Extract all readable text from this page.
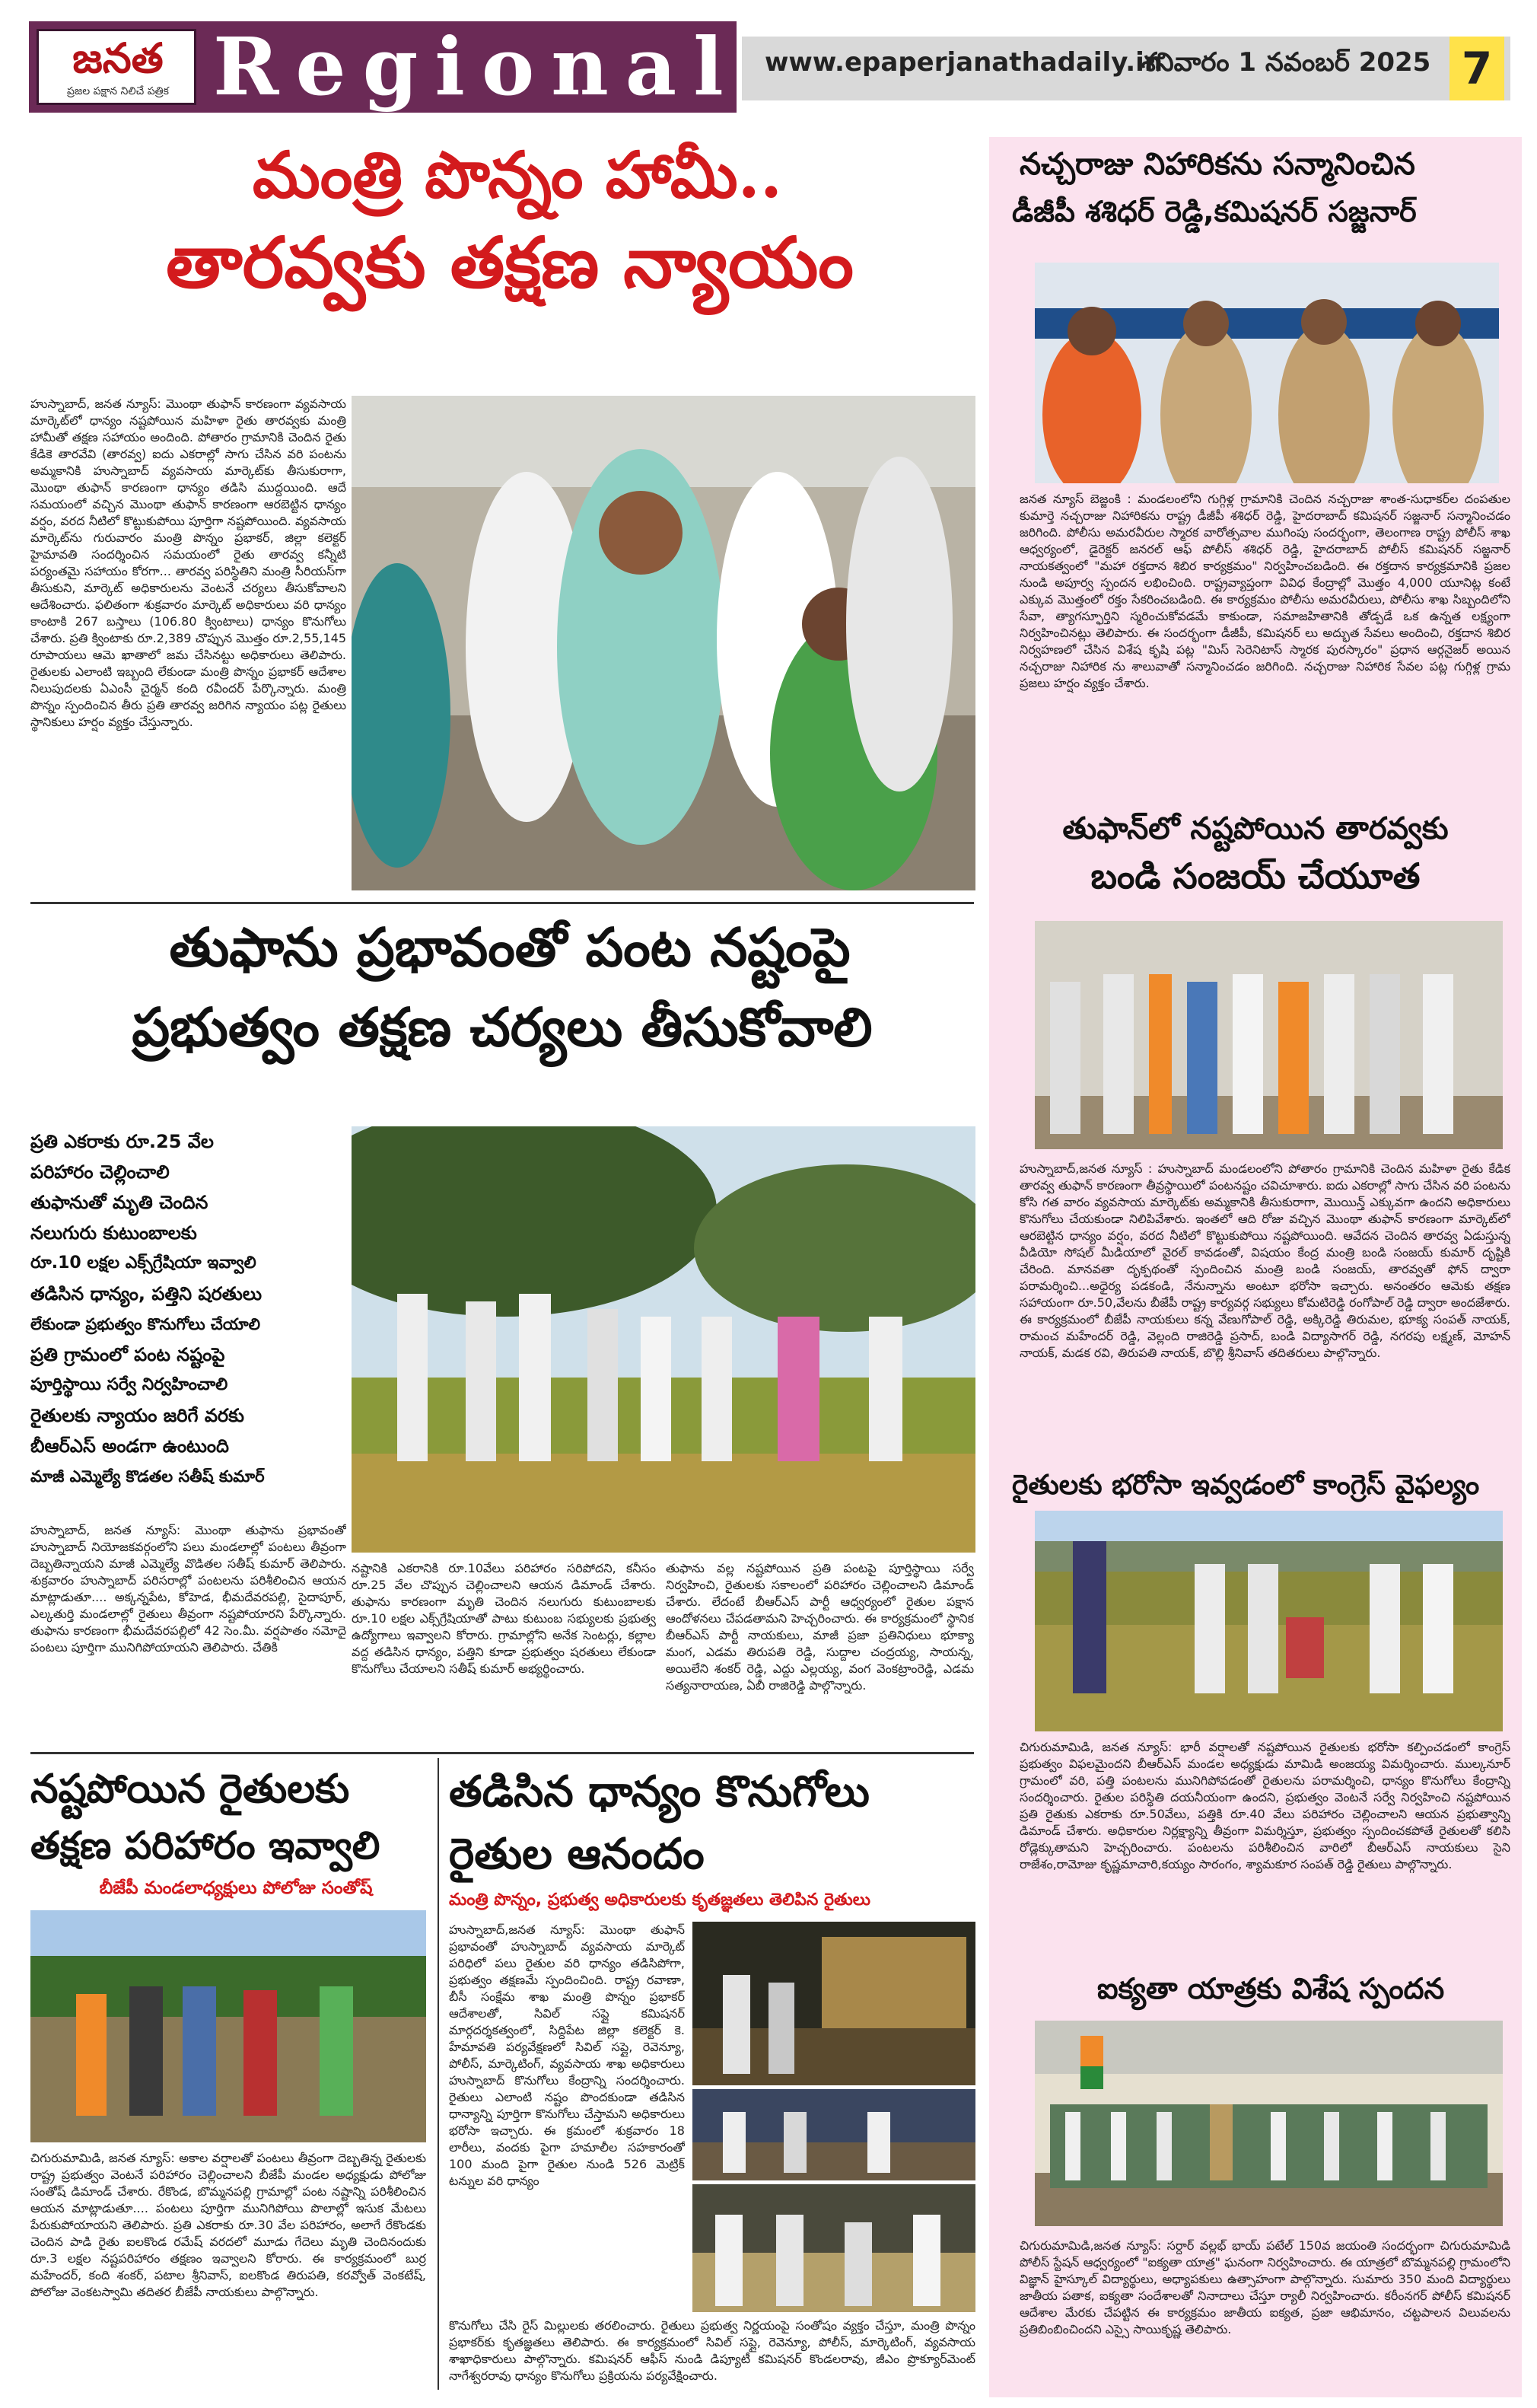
జనత
ప్రజల పక్షాన నిలిచే పత్రిక Regional www.epaperjanathadaily.in
శనివారం 1 నవంబర్ 2025 7
మంత్రి పొన్నం హామీ..
తారవ్వకు తక్షణ న్యాయం
హుస్నాబాద్, జనత న్యూస్: మొంథా తుఫాన్ కారణంగా వ్యవసాయ మార్కెట్‌లో ధాన్యం నష్టపోయిన మహిళా రైతు తారవ్వకు మంత్రి హామీతో తక్షణ సహాయం అందింది. పోతారం గ్రామానికి చెందిన రైతు కేడికె తారవేవి (తారవ్వ) ఐదు ఎకరాల్లో సాగు చేసిన వరి పంటను అమ్మకానికి హుస్నాబాద్ వ్యవసాయ మార్కెట్‌కు తీసుకురాగా, మొంథా తుఫాన్ కారణంగా ధాన్యం తడిసి ముద్దయింది. ఆదే సమయంలో వచ్చిన మొంథా తుఫాన్ కారణంగా ఆరబెట్టిన ధాన్యం వర్షం, వరద నీటిలో కొట్టుకుపోయి పూర్తిగా నష్టపోయింది. వ్యవసాయ మార్కెట్‌ను గురువారం మంత్రి పొన్నం ప్రభాకర్, జిల్లా కలెక్టర్ హైమావతి సందర్శించిన సమయంలో రైతు తారవ్వ కన్నీటి పర్యంతమై సహాయం కోరగా... తారవ్వ పరిస్థితిని మంత్రి సీరియస్‌గా తీసుకుని, మార్కెట్ అధికారులను వెంటనే చర్యలు తీసుకోవాలని ఆదేశించారు. ఫలితంగా శుక్రవారం మార్కెట్ అధికారులు వరి ధాన్యం కాంటాకి 267 బస్తాలు (106.80 క్వింటాలు) ధాన్యం కొనుగోలు చేశారు. ప్రతి క్వింటాకు రూ.2,389 చొప్పున మొత్తం రూ.2,55,145 రూపాయలు ఆమె ఖాతాలో జమ చేసినట్టు అధికారులు తెలిపారు. రైతులకు ఎలాంటి ఇబ్బంది లేకుండా మంత్రి పొన్నం ప్రభాకర్ ఆదేశాల నిలుపుదలకు ఏఎంసీ చైర్మన్ కంది రవీందర్ పేర్కొన్నారు. మంత్రి పొన్నం స్పందించిన తీరు ప్రతి తారవ్వ జరిగిన న్యాయం పట్ల రైతులు స్థానికులు హర్షం వ్యక్తం చేస్తున్నారు.
తుఫాను ప్రభావంతో పంట నష్టంపై
ప్రభుత్వం తక్షణ చర్యలు తీసుకోవాలి
ప్రతి ఎకరాకు రూ.25 వేల
పరిహారం చెల్లించాలి
తుఫానుతో మృతి చెందిన
నలుగురు కుటుంబాలకు
రూ.10 లక్షల ఎక్స్‌గ్రేషియా ఇవ్వాలి
తడిసిన ధాన్యం, పత్తిని షరతులు
లేకుండా ప్రభుత్వం కొనుగోలు చేయాలి
ప్రతి గ్రామంలో పంట నష్టంపై
పూర్తిస్థాయి సర్వే నిర్వహించాలి
రైతులకు న్యాయం జరిగే వరకు
బీఆర్ఎస్ అండగా ఉంటుంది
మాజీ ఎమ్మెల్యే కొడతల సతీష్ కుమార్
హుస్నాబాద్, జనత న్యూస్: మొంథా తుఫాను ప్రభావంతో హుస్నాబాద్ నియోజకవర్గంలోని పలు మండలాల్లో పంటలు తీవ్రంగా దెబ్బతిన్నాయని మాజీ ఎమ్మెల్యే వొడితల సతీష్ కుమార్ తెలిపారు. శుక్రవారం హుస్నాబాద్ పరిసరాల్లో పంటలను పరిశీలించిన ఆయన మాట్లాడుతూ.... అక్కన్నపేట, కోహెడ, భీమదేవరపల్లి, సైదాపూర్, ఎల్కతుర్తి మండలాల్లో రైతులు తీవ్రంగా నష్టపోయారని పేర్కొన్నారు. తుఫాను కారణంగా భీమదేవరపల్లిలో 42 సెం.మీ. వర్షపాతం నమోదై పంటలు పూర్తిగా మునిగిపోయాయని తెలిపారు. చేతికి
నష్టానికి ఎకరానికి రూ.10వేలు పరిహారం సరిపోదని, కనీసం రూ.25 వేల చొప్పున చెల్లించాలని ఆయన డిమాండ్ చేశారు. తుఫాను కారణంగా మృతి చెందిన నలుగురు కుటుంబాలకు రూ.10 లక్షల ఎక్స్‌గ్రేషియాతో పాటు కుటుంబ సభ్యులకు ప్రభుత్వ ఉద్యోగాలు ఇవ్వాలని కోరారు. గ్రామాల్లోని అనేక సెంటర్లు, కల్లాల వద్ద తడిసిన ధాన్యం, పత్తిని కూడా ప్రభుత్వం షరతులు లేకుండా కొనుగోలు చేయాలని సతీష్ కుమార్ అభ్యర్థించారు.
తుఫాను వల్ల నష్టపోయిన ప్రతి పంటపై పూర్తిస్థాయి సర్వే నిర్వహించి, రైతులకు సకాలంలో పరిహారం చెల్లించాలని డిమాండ్ చేశారు. లేదంటే బీఆర్ఎస్ పార్టీ ఆధ్వర్యంలో రైతుల పక్షాన ఆందోళనలు చేపడతామని హెచ్చరించారు. ఈ కార్యక్రమంలో స్థానిక బీఆర్ఎస్ పార్టీ నాయకులు, మాజీ ప్రజా ప్రతినిధులు భూక్యా మంగ, ఎడమ తిరుపతి రెడ్డి, సుద్దాల చంద్రయ్య, సాయన్న, అయిలేని శంకర్ రెడ్డి, ఎద్దు ఎల్లయ్య, వంగ వెంకట్రాంరెడ్డి, ఎడమ సత్యనారాయణ, ఏబీ రాజిరెడ్డి పాల్గొన్నారు.
నష్టపోయిన రైతులకు
తక్షణ పరిహారం ఇవ్వాలి
బీజేపీ మండలాధ్యక్షులు పోలోజు సంతోష్
చిగురుమామిడి, జనత న్యూస్: అకాల వర్షాలతో పంటలు తీవ్రంగా దెబ్బతిన్న రైతులకు రాష్ట్ర ప్రభుత్వం వెంటనే పరిహారం చెల్లించాలని బీజేపీ మండల అధ్యక్షుడు పోలోజు సంతోష్ డిమాండ్ చేశారు. రేకొండ, బొమ్మనపల్లి గ్రామాల్లో పంట నష్టాన్ని పరిశీలించిన ఆయన మాట్లాడుతూ.... పంటలు పూర్తిగా మునిగిపోయి పొలాల్లో ఇసుక మేటలు పేరుకుపోయాయని తెలిపారు. ప్రతి ఎకరాకు రూ.30 వేల పరిహారం, అలాగే రేకొండకు చెందిన పాడి రైతు ఐలకొండ రమేష్ వరదలో మూడు గేదెలు మృతి చెందినందుకు రూ.3 లక్షల నష్టపరిహారం తక్షణం ఇవ్వాలని కోరారు. ఈ కార్యక్రమంలో బుర్ర మహేందర్, కంది శంకర్, పటాల శ్రీనివాస్, ఐలకొండ తిరుపతి, కరవ్వోత్ వెంకటేష్, పోలోజు వెంకటస్వామి తదితర బీజేపీ నాయకులు పాల్గొన్నారు.
తడిసిన ధాన్యం కొనుగోలు
రైతుల ఆనందం
మంత్రి పొన్నం, ప్రభుత్వ అధికారులకు కృతజ్ఞతలు తెలిపిన రైతులు
హుస్నాబాద్,జనత న్యూస్: మొంథా తుఫాన్ ప్రభావంతో హుస్నాబాద్ వ్యవసాయ మార్కెట్ పరిధిలో పలు రైతుల వరి ధాన్యం తడిసిపోగా, ప్రభుత్వం తక్షణమే స్పందించింది. రాష్ట్ర రవాణా, బీసీ సంక్షేమ శాఖ మంత్రి పొన్నం ప్రభాకర్ ఆదేశాలతో, సివిల్ సప్లై కమిషనర్ మార్గదర్శకత్వంలో, సిద్దిపేట జిల్లా కలెక్టర్ కె. హేమావతి పర్యవేక్షణలో సివిల్ సప్లై, రెవెన్యూ, పోలీస్, మార్కెటింగ్, వ్యవసాయ శాఖ అధికారులు హుస్నాబాద్ కొనుగోలు కేంద్రాన్ని సందర్శించారు. రైతులు ఎలాంటి నష్టం పొందకుండా తడిసిన ధాన్యాన్ని పూర్తిగా కొనుగోలు చేస్తామని అధికారులు భరోసా ఇచ్చారు. ఈ క్రమంలో శుక్రవారం 18 లారీలు, వందకు పైగా హమాలీల సహకారంతో 100 మంది పైగా రైతుల నుండి 526 మెట్రిక్ టన్నుల వరి ధాన్యం
కొనుగోలు చేసి రైస్ మిల్లులకు తరలించారు. రైతులు ప్రభుత్వ నిర్ణయంపై సంతోషం వ్యక్తం చేస్తూ, మంత్రి పొన్నం ప్రభాకర్‌కు కృతజ్ఞతలు తెలిపారు. ఈ కార్యక్రమంలో సివిల్ సప్లై, రెవెన్యూ, పోలీస్, మార్కెటింగ్, వ్యవసాయ శాఖాధికారులు పాల్గొన్నారు. కమిషనర్ ఆఫీస్ నుండి డిప్యూటీ కమిషనర్ కొండలరావు, జీఎం ప్రొక్యూర్‌మెంట్ నాగేశ్వరరావు ధాన్యం కొనుగోలు ప్రక్రియను పర్యవేక్షించారు.
నచ్చరాజు నిహారికను సన్మానించిన
డీజీపీ శశిధర్ రెడ్డి,కమిషనర్ సజ్జనార్
జనత న్యూస్ బెజ్జంకి : మండలంలోని గుగ్గిళ్ల గ్రామానికి చెందిన నచ్చరాజు శాంత-సుధాకర్‌ల దంపతుల కుమార్తె నచ్చరాజు నిహారికను రాష్ట్ర డీజీపీ శశిధర్ రెడ్డి, హైదరాబాద్ కమిషనర్ సజ్జనార్ సన్మానించడం జరిగింది. పోలీసు అమరవీరుల స్మారక వారోత్సవాల ముగింపు సందర్భంగా, తెలంగాణ రాష్ట్ర పోలీస్ శాఖ ఆధ్వర్యంలో, డైరెక్టర్ జనరల్ ఆఫ్ పోలీస్ శశిధర్ రెడ్డి, హైదరాబాద్ పోలీస్ కమిషనర్ సజ్జనార్ నాయకత్వంలో "మహా రక్తదాన శిబిర కార్యక్రమం" నిర్వహించబడింది. ఈ రక్తదాన కార్యక్రమానికి ప్రజల నుండి అపూర్వ స్పందన లభించింది. రాష్ట్రవ్యాప్తంగా వివిధ కేంద్రాల్లో మొత్తం 4,000 యూనిట్ల కంటే ఎక్కువ మొత్తంలో రక్తం సేకరించబడింది. ఈ కార్యక్రమం పోలీసు అమరవీరులు, పోలీసు శాఖ సిబ్బందిలోని సేవా, త్యాగస్ఫూర్తిని స్మరించుకోవడమే కాకుండా, సమాజహితానికి తోడ్పడే ఒక ఉన్నత లక్ష్యంగా నిర్వహించినట్లు తెలిపారు. ఈ సందర్భంగా డీజీపీ, కమిషనర్ లు అద్భుత సేవలు అందించి, రక్తదాన శిబిర నిర్వహణలో చేసిన విశేష కృషి పట్ల "మిస్ సెరెనిటాస్ స్మారక పురస్కారం" ప్రధాన ఆర్గనైజర్ అయిన నచ్చరాజు నిహారిక ను శాలువాతో సన్మానించడం జరిగింది. నచ్చరాజు నిహారిక సేవల పట్ల గుగ్గిళ్ల గ్రామ ప్రజలు హర్షం వ్యక్తం చేశారు.
తుఫాన్‌లో నష్టపోయిన తారవ్వకు
బండి సంజయ్ చేయూత
హుస్నాబాద్,జనత న్యూస్ : హుస్నాబాద్ మండలంలోని పోతారం గ్రామానికి చెందిన మహిళా రైతు కేడిక తారవ్వ తుఫాన్ కారణంగా తీవ్రస్థాయిలో పంటనష్టం చవిచూశారు. ఐదు ఎకరాల్లో సాగు చేసిన వరి పంటను కోసి గత వారం వ్యవసాయ మార్కెట్‌కు అమ్మకానికి తీసుకురాగా, మొయిన్త్ ఎక్కువగా ఉందని అధికారులు కొనుగోలు చేయకుండా నిలిపివేశారు. ఇంతలో ఆది రోజు వచ్చిన మొంథా తుఫాన్ కారణంగా మార్కెట్‌లో ఆరబెట్టిన ధాన్యం వర్షం, వరద నీటిలో కొట్టుకుపోయి నష్టపోయింది. ఆవేదన చెందిన తారవ్వ ఏడుస్తున్న వీడియో సోషల్ మీడియాలో వైరల్ కావడంతో, విషయం కేంద్ర మంత్రి బండి సంజయ్ కుమార్ దృష్టికి చేరింది. మానవతా దృక్పథంతో స్పందించిన మంత్రి బండి సంజయ్, తారవ్వతో ఫోన్ ద్వారా పరామర్శించి...అధైర్య పడకండి, నేనున్నాను అంటూ భరోసా ఇచ్చారు. అనంతరం ఆమెకు తక్షణ సహాయంగా రూ.50,వేలను బీజేపీ రాష్ట్ర కార్యవర్గ సభ్యులు కోమటిరెడ్డి రంగోపాల్ రెడ్డి ద్వారా అందజేశారు. ఈ కార్యక్రమంలో బీజేపీ నాయకులు కన్న వేణుగోపాల్ రెడ్డి, అక్కిరెడ్డి తిరుమల, భూక్య సంపత్ నాయక్, రామంచ మహేందర్ రెడ్డి, వెల్లంది రాజిరెడ్డి ప్రసాద్, బండి విద్యాసాగర్ రెడ్డి, నగరపు లక్ష్మణ్, మోహన్ నాయక్, మడక రవి, తిరుపతి నాయక్, బొల్లి శ్రీనివాస్ తదితరులు పాల్గొన్నారు.
రైతులకు భరోసా ఇవ్వడంలో కాంగ్రెస్ వైఫల్యం
చిగురుమామిడి, జనత న్యూస్: భారీ వర్షాలతో నష్టపోయిన రైతులకు భరోసా కల్పించడంలో కాంగ్రెస్ ప్రభుత్వం విఫలమైందని బీఆర్ఎస్ మండల అధ్యక్షుడు మామిడి అంజయ్య విమర్శించారు. ముల్కనూర్ గ్రామంలో వరి, పత్తి పంటలను మునిగిపోవడంతో రైతులను పరామర్శించి, ధాన్యం కొనుగోలు కేంద్రాన్ని సందర్శించారు. రైతుల పరిస్థితి దయనీయంగా ఉందని, ప్రభుత్వం వెంటనే సర్వే నిర్వహించి నష్టపోయిన ప్రతి రైతుకు ఎకరాకు రూ.50వేలు, పత్తికి రూ.40 వేలు పరిహారం చెల్లించాలని ఆయన ప్రభుత్వాన్ని డిమాండ్ చేశారు. అధికారుల నిర్లక్ష్యాన్ని తీవ్రంగా విమర్శిస్తూ, ప్రభుత్వం స్పందించకపోతే రైతులతో కలిసి రోడ్లెక్కుతామని హెచ్చరించారు. పంటలను పరిశీలించిన వారిలో బీఆర్ఎస్ నాయకులు సైని రాజేశం,రామోజు కృష్ణమాచారి,కయ్యం సారంగం, శ్యామకూర సంపత్ రెడ్డి రైతులు పాల్గొన్నారు.
ఐక్యతా యాత్రకు విశేష స్పందన
చిగురుమామిడి,జనత న్యూస్: సర్దార్ వల్లభ్ భాయ్ పటేల్ 150వ జయంతి సందర్భంగా చిగురుమామిడి పోలీస్ స్టేషన్ ఆధ్వర్యంలో "ఐక్యతా యాత్ర" ఘనంగా నిర్వహించారు. ఈ యాత్రలో బొమ్మనపల్లి గ్రామంలోని విజ్ఞాన్ హైస్కూల్ విద్యార్థులు, అధ్యాపకులు ఉత్సాహంగా పాల్గొన్నారు. సుమారు 350 మంది విద్యార్థులు జాతీయ పతాక, ఐక్యతా సందేశాలతో నినాదాలు చేస్తూ ర్యాలీ నిర్వహించారు. కరీంనగర్ పోలీస్ కమిషనర్ ఆదేశాల మేరకు చేపట్టిన ఈ కార్యక్రమం జాతీయ ఐక్యత, ప్రజా ఆభిమానం, చట్టపాలన విలువలను ప్రతిబింబించిందని ఎస్సై సాయికృష్ణ తెలిపారు.
